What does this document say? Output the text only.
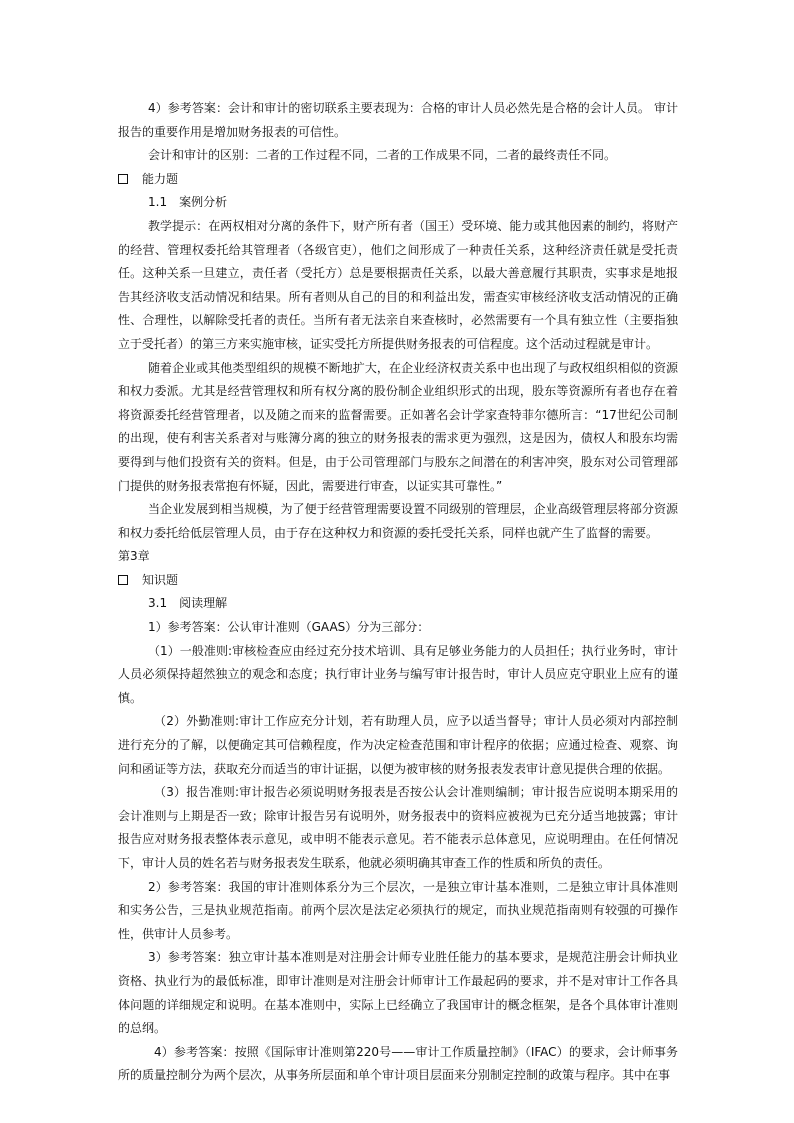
4）参考答案：会计和审计的密切联系主要表现为：合格的审计人员必然先是合格的会计人员。 审计报告的重要作用是增加财务报表的可信性。

会计和审计的区别：二者的工作过程不同，二者的工作成果不同，二者的最终责任不同。

能力题

1.1　案例分析

教学提示：在两权相对分离的条件下，财产所有者（国王）受环境、能力或其他因素的制约，将财产的经营、管理权委托给其管理者（各级官吏），他们之间形成了一种责任关系，这种经济责任就是受托责任。这种关系一旦建立，责任者（受托方）总是要根据责任关系，以最大善意履行其职责，实事求是地报告其经济收支活动情况和结果。所有者则从自己的目的和利益出发，需查实审核经济收支活动情况的正确性、合理性，以解除受托者的责任。当所有者无法亲自来查核时，必然需要有一个具有独立性（主要指独立于受托者）的第三方来实施审核，证实受托方所提供财务报表的可信程度。这个活动过程就是审计。

随着企业或其他类型组织的规模不断地扩大，在企业经济权责关系中也出现了与政权组织相似的资源和权力委派。尤其是经营管理权和所有权分离的股份制企业组织形式的出现，股东等资源所有者也存在着将资源委托经营管理者，以及随之而来的监督需要。正如著名会计学家查特菲尔德所言：“17世纪公司制的出现，使有利害关系者对与账簿分离的独立的财务报表的需求更为强烈，这是因为，债权人和股东均需要得到与他们投资有关的资料。但是，由于公司管理部门与股东之间潜在的利害冲突，股东对公司管理部门提供的财务报表常抱有怀疑，因此，需要进行审查，以证实其可靠性。”

当企业发展到相当规模，为了便于经营管理需要设置不同级别的管理层，企业高级管理层将部分资源和权力委托给低层管理人员，由于存在这种权力和资源的委托受托关系，同样也就产生了监督的需要。

第3章

知识题

3.1　阅读理解

1）参考答案：公认审计准则（GAAS）分为三部分：

（1）一般准则:审核检查应由经过充分技术培训、具有足够业务能力的人员担任；执行业务时，审计人员必须保持超然独立的观念和态度；执行审计业务与编写审计报告时，审计人员应克守职业上应有的谨慎。

（2）外勤准则:审计工作应充分计划，若有助理人员，应予以适当督导；审计人员必须对内部控制进行充分的了解，以便确定其可信赖程度，作为决定检查范围和审计程序的依据；应通过检查、观察、询问和函证等方法，获取充分而适当的审计证据，以便为被审核的财务报表发表审计意见提供合理的依据。

（3）报告准则:审计报告必须说明财务报表是否按公认会计准则编制；审计报告应说明本期采用的会计准则与上期是否一致；除审计报告另有说明外，财务报表中的资料应被视为已充分适当地披露；审计报告应对财务报表整体表示意见，或申明不能表示意见。若不能表示总体意见，应说明理由。在任何情况下，审计人员的姓名若与财务报表发生联系，他就必须明确其审查工作的性质和所负的责任。

2）参考答案：我国的审计准则体系分为三个层次，一是独立审计基本准则，二是独立审计具体准则和实务公告，三是执业规范指南。前两个层次是法定必须执行的规定，而执业规范指南则有较强的可操作性，供审计人员参考。

3）参考答案：独立审计基本准则是对注册会计师专业胜任能力的基本要求，是规范注册会计师执业资格、执业行为的最低标准，即审计准则是对注册会计师审计工作最起码的要求，并不是对审计工作各具体问题的详细规定和说明。在基本准则中，实际上已经确立了我国审计的概念框架，是各个具体审计准则的总纲。

4）参考答案：按照《国际审计准则第220号——审计工作质量控制》（IFAC）的要求，会计师事务所的质量控制分为两个层次，从事务所层面和单个审计项目层面来分别制定控制的政策与程序。其中在事
